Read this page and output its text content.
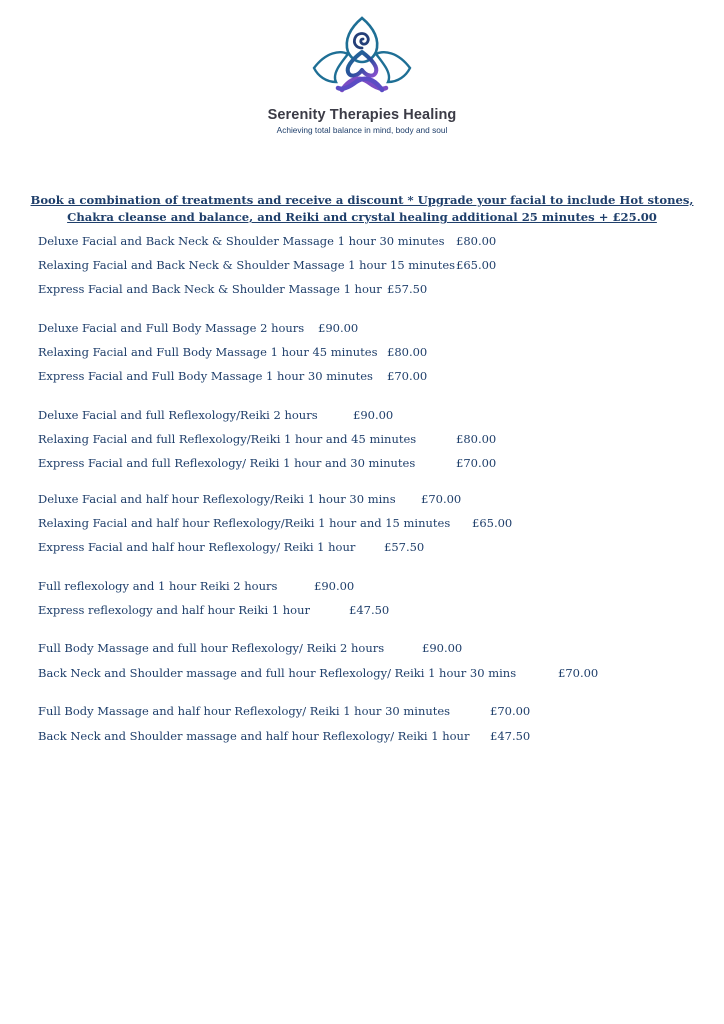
Serenity Therapies Healing
Achieving total balance in mind, body and soul
Book a combination of treatments and receive a discount * Upgrade your facial to include Hot stones,
Chakra cleanse and balance, and Reiki and crystal healing additional 25 minutes + £25.00
Deluxe Facial and Back Neck & Shoulder Massage 1 hour 30 minutes £80.00
Relaxing Facial and Back Neck & Shoulder Massage 1 hour 15 minutes £65.00
Express Facial and Back Neck & Shoulder Massage 1 hour £57.50
Deluxe Facial and Full Body Massage 2 hours £90.00
Relaxing Facial and Full Body Massage 1 hour 45 minutes £80.00
Express Facial and Full Body Massage 1 hour 30 minutes £70.00
Deluxe Facial and full Reflexology/Reiki 2 hours	£90.00
Relaxing Facial and full Reflexology/Reiki 1 hour and 45 minutes	£80.00
Express Facial and full Reflexology/ Reiki 1 hour and 30 minutes	£70.00
Deluxe Facial and half hour Reflexology/Reiki 1 hour 30 mins £70.00
Relaxing Facial and half hour Reflexology/Reiki 1 hour and 15 minutes £65.00
Express Facial and half hour Reflexology/ Reiki 1 hour £57.50
Full reflexology and 1 hour Reiki 2 hours	£90.00
Express reflexology and half hour Reiki 1 hour	£47.50
Full Body Massage and full hour Reflexology/ Reiki 2 hours	£90.00
Back Neck and Shoulder massage and full hour Reflexology/ Reiki 1 hour 30 mins	£70.00
Full Body Massage and half hour Reflexology/ Reiki 1 hour 30 minutes	£70.00
Back Neck and Shoulder massage and half hour Reflexology/ Reiki 1 hour £47.50
